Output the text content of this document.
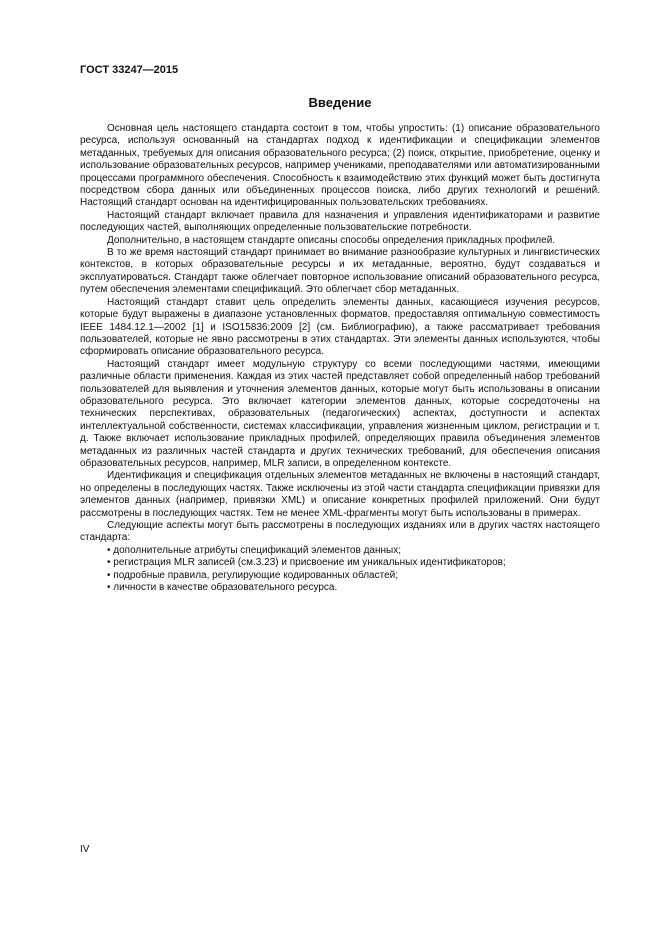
ГОСТ 33247—2015
Введение

Основная цель настоящего стандарта состоит в том, чтобы упростить: (1) описание образовательного ресурса, используя основанный на стандартах подход к идентификации и спецификации элементов метаданных, требуемых для описания образовательного ресурса; (2) поиск, открытие, приобретение, оценку и использование образовательных ресурсов, например учениками, преподавателями или автоматизированными процессами программного обеспечения. Способность к взаимодействию этих функций может быть достигнута посредством сбора данных или объединенных процессов поиска, либо других технологий и решений. Настоящий стандарт основан на идентифицированных пользовательских требованиях.

Настоящий стандарт включает правила для назначения и управления идентификаторами и развитие последующих частей, выполняющих определенные пользовательские потребности.

Дополнительно, в настоящем стандарте описаны способы определения прикладных профилей.

В то же время настоящий стандарт принимает во внимание разнообразие культурных и лингвистических контекстов, в которых образовательные ресурсы и их метаданные, вероятно, будут создаваться и эксплуатироваться. Стандарт также облегчает повторное использование описаний образовательного ресурса, путем обеспечения элементами спецификаций. Это облегчает сбор метаданных.

Настоящий стандарт ставит цель определить элементы данных, касающиеся изучения ресурсов, которые будут выражены в диапазоне установленных форматов, предоставляя оптимальную совместимость IEEE 1484.12.1—2002 [1] и ISO15836:2009 [2] (см. Библиографию), а также рассматривает требования пользователей, которые не явно рассмотрены в этих стандартах. Эти элементы данных используются, чтобы сформировать описание образовательного ресурса.

Настоящий стандарт имеет модульную структуру со всеми последующими частями, имеющими различные области применения. Каждая из этих частей представляет собой определенный набор требований пользователей для выявления и уточнения элементов данных, которые могут быть использованы в описании образовательного ресурса. Это включает категории элементов данных, которые сосредоточены на технических перспективах, образовательных (педагогических) аспектах, доступности и аспектах интеллектуальной собственности, системах классификации, управления жизненным циклом, регистрации и т. д. Также включает использование прикладных профилей, определяющих правила объединения элементов метаданных из различных частей стандарта и других технических требований, для обеспечения описания образовательных ресурсов, например, MLR записи, в определенном контексте.

Идентификация и спецификация отдельных элементов метаданных не включены в настоящий стандарт, но определены в последующих частях. Также исключены из этой части стандарта спецификации привязки для элементов данных (например, привязки XML) и описание конкретных профилей приложений. Они будут рассмотрены в последующих частях. Тем не менее XML-фрагменты могут быть использованы в примерах.

Следующие аспекты могут быть рассмотрены в последующих изданиях или в других частях настоящего стандарта:

• дополнительные атрибуты спецификаций элементов данных;
• регистрация MLR записей (см.3.23) и присвоение им уникальных идентификаторов;
• подробные правила, регулирующие кодированных областей;
• личности в качестве образовательного ресурса.
IV
